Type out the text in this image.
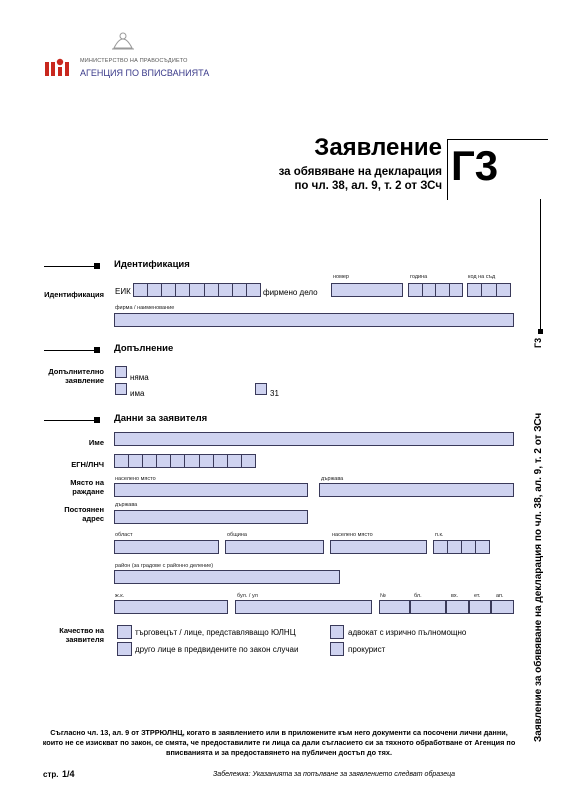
МИНИСТЕРСТВО НА ПРАВОСЪДИЕТО
АГЕНЦИЯ ПО ВПИСВАНИЯТА
Заявление
за обявяване на декларация
по чл. 38, ал. 9, т. 2 от ЗСч Г3
Г3
Заявление за обявяване на декларация по чл. 38, ал. 9, т. 2 от ЗСч
Идентификация
Идентификация ЕИК	фирмено дело
номер	година	код на съд
фирма / наименование
Допълнение
Допълнително заявление	няма
има	31
Данни за заявителя
Име
ЕГН/ЛНЧ
Място на раждане
населено място	държава
Постоянен адрес
държава
област	община	населено място	п.к.
район (за градове с районно деление)
ж.к.	бул. / ул	№	бл.	вх.	ет.	ап.
Качество на заявителя
търговецът / лице, представляващо ЮЛНЦ	адвокат с изрично пълномощно
друго лице в предвидените по закон случаи	прокурист
Съгласно чл. 13, ал. 9 от ЗТРРЮЛНЦ, когато в заявлението или в приложените към него документи са посочени лични данни, които не се изискват по закон, се смята, че предоставилите ги лица са дали съгласието си за тяхното обработване от Агенция по вписванията и за предоставянето на публичен достъп до тях.
стр. 1/4	Забележка: Указанията за попълване за заявлението следват образеца
